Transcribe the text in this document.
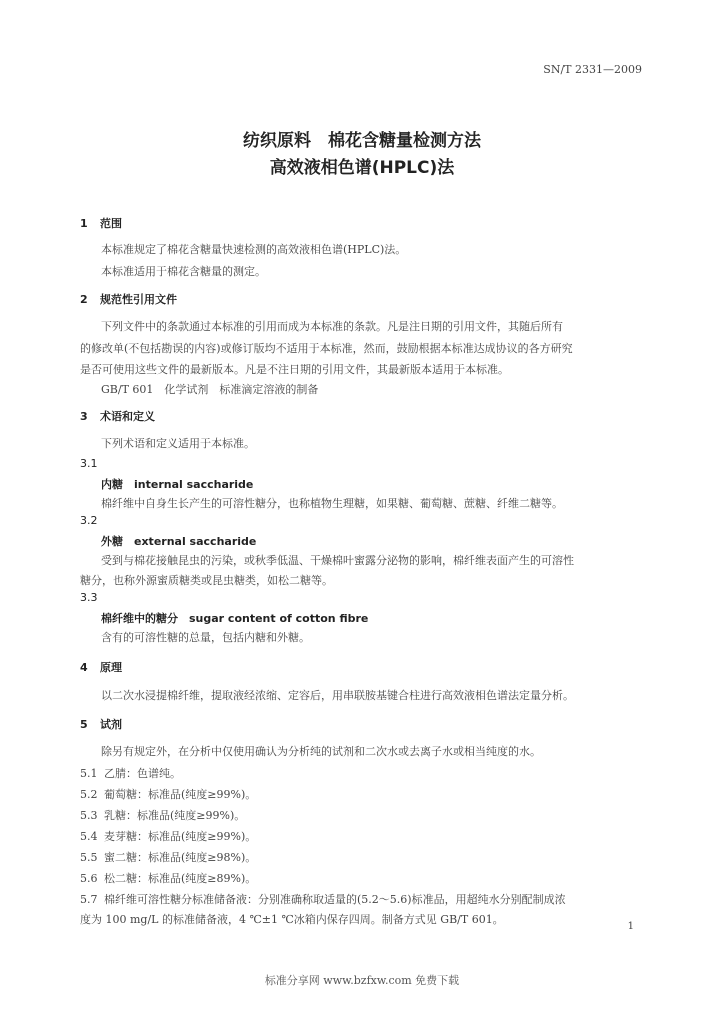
SN/T 2331—2009
纺织原料　棉花含糖量检测方法
高效液相色谱(HPLC)法
1 范围
本标准规定了棉花含糖量快速检测的高效液相色谱(HPLC)法。
本标准适用于棉花含糖量的测定。
2 规范性引用文件
下列文件中的条款通过本标准的引用而成为本标准的条款。凡是注日期的引用文件，其随后所有
的修改单(不包括勘误的内容)或修订版均不适用于本标准，然而，鼓励根据本标准达成协议的各方研究
是否可使用这些文件的最新版本。凡是不注日期的引用文件，其最新版本适用于本标准。
GB/T 601　化学试剂　标准滴定溶液的制备
3 术语和定义
下列术语和定义适用于本标准。
3.1
内糖　internal saccharide
棉纤维中自身生长产生的可溶性糖分，也称植物生理糖，如果糖、葡萄糖、蔗糖、纤维二糖等。
3.2
外糖　external saccharide
受到与棉花接触昆虫的污染，或秋季低温、干燥棉叶蜜露分泌物的影响，棉纤维表面产生的可溶性
糖分，也称外源蜜质糖类或昆虫糖类，如松二糖等。
3.3
棉纤维中的糖分　sugar content of cotton fibre
含有的可溶性糖的总量，包括内糖和外糖。
4 原理
以二次水浸提棉纤维，提取液经浓缩、定容后，用串联胺基键合柱进行高效液相色谱法定量分析。
5 试剂
除另有规定外，在分析中仅使用确认为分析纯的试剂和二次水或去离子水或相当纯度的水。
5.1 乙腈：色谱纯。
5.2 葡萄糖：标准品(纯度≥99%)。
5.3 乳糖：标准品(纯度≥99%)。
5.4 麦芽糖：标准品(纯度≥99%)。
5.5 蜜二糖：标准品(纯度≥98%)。
5.6 松二糖：标准品(纯度≥89%)。
5.7 棉纤维可溶性糖分标准储备液：分别准确称取适量的(5.2～5.6)标准品，用超纯水分别配制成浓
度为 100 mg/L 的标准储备液，4 ℃±1 ℃冰箱内保存四周。制备方式见 GB/T 601。
1
标准分享网 www.bzfxw.com 免费下载
